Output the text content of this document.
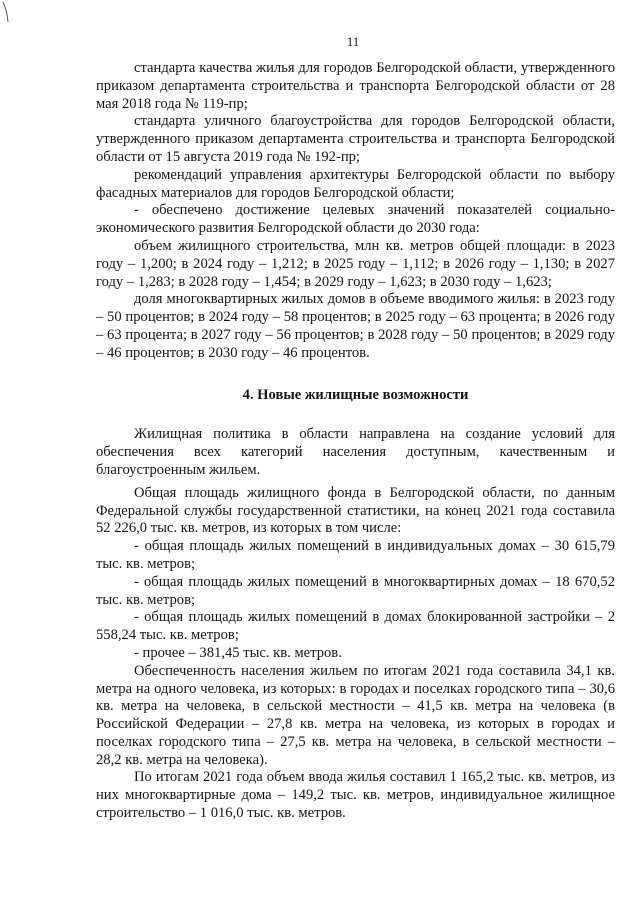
11

стандарта качества жилья для городов Белгородской области, утвержденного приказом департамента строительства и транспорта Белгородской области от 28 мая 2018 года № 119-пр;

стандарта уличного благоустройства для городов Белгородской области, утвержденного приказом департамента строительства и транспорта Белгородской области от 15 августа 2019 года № 192-пр;

рекомендаций управления архитектуры Белгородской области по выбору фасадных материалов для городов Белгородской области;

- обеспечено достижение целевых значений показателей социально-экономического развития Белгородской области до 2030 года:

объем жилищного строительства, млн кв. метров общей площади: в 2023 году – 1,200; в 2024 году – 1,212; в 2025 году – 1,112; в 2026 году – 1,130; в 2027 году – 1,283; в 2028 году – 1,454; в 2029 году – 1,623; в 2030 году – 1,623;

доля многоквартирных жилых домов в объеме вводимого жилья: в 2023 году – 50 процентов; в 2024 году – 58 процентов; в 2025 году – 63 процента; в 2026 году – 63 процента; в 2027 году – 56 процентов; в 2028 году – 50 процентов; в 2029 году – 46 процентов; в 2030 году – 46 процентов.

4. Новые жилищные возможности

Жилищная политика в области направлена на создание условий для обеспечения всех категорий населения доступным, качественным и благоустроенным жильем.

Общая площадь жилищного фонда в Белгородской области, по данным Федеральной службы государственной статистики, на конец 2021 года составила 52 226,0 тыс. кв. метров, из которых в том числе:

- общая площадь жилых помещений в индивидуальных домах – 30 615,79 тыс. кв. метров;

- общая площадь жилых помещений в многоквартирных домах – 18 670,52 тыс. кв. метров;

- общая площадь жилых помещений в домах блокированной застройки – 2 558,24 тыс. кв. метров;

- прочее – 381,45 тыс. кв. метров.

Обеспеченность населения жильем по итогам 2021 года составила 34,1 кв. метра на одного человека, из которых: в городах и поселках городского типа – 30,6 кв. метра на человека, в сельской местности – 41,5 кв. метра на человека (в Российской Федерации – 27,8 кв. метра на человека, из которых в городах и поселках городского типа – 27,5 кв. метра на человека, в сельской местности – 28,2 кв. метра на человека).

По итогам 2021 года объем ввода жилья составил 1 165,2 тыс. кв. метров, из них многоквартирные дома – 149,2 тыс. кв. метров, индивидуальное жилищное строительство – 1 016,0 тыс. кв. метров.
